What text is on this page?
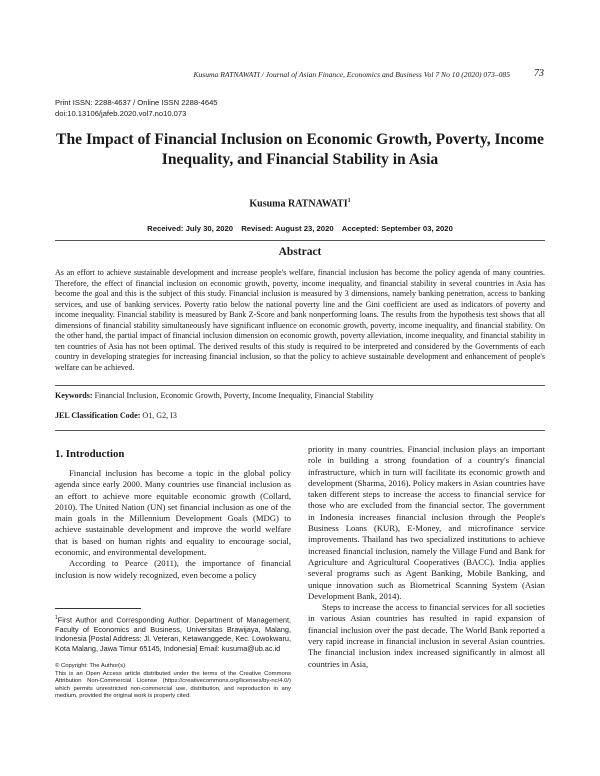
Kusuma RATNAWATI / Journal of Asian Finance, Economics and Business Vol 7 No 10 (2020) 073–085 73
Print ISSN: 2288-4637 / Online ISSN 2288-4645
doi:10.13106/jafeb.2020.vol7.no10.073
The Impact of Financial Inclusion on Economic Growth, Poverty, Income
Inequality, and Financial Stability in Asia
Kusuma RATNAWATI$^1$
Received: July 30, 2020 Revised: August 23, 2020 Accepted: September 03, 2020
Abstract
As an effort to achieve sustainable development and increase people's welfare, financial inclusion has become the policy agenda of many countries. Therefore, the effect of financial inclusion on economic growth, poverty, income inequality, and financial stability in several countries in Asia has become the goal and this is the subject of this study. Financial inclusion is measured by 3 dimensions, namely banking penetration, access to banking services, and use of banking services. Poverty ratio below the national poverty line and the Gini coefficient are used as indicators of poverty and income inequality. Financial stability is measured by Bank Z-Score and bank nonperforming loans. The results from the hypothesis test shows that all dimensions of financial stability simultaneously have significant influence on economic growth, poverty, income inequality, and financial stability. On the other hand, the partial impact of financial inclusion dimension on economic growth, poverty alleviation, income inequality, and financial stability in ten countries of Asia has not been optimal. The derived results of this study is required to be interpreted and considered by the Governments of each country in developing strategies for increasing financial inclusion, so that the policy to achieve sustainable development and enhancement of people's welfare can be achieved.
Keywords: Financial Inclusion, Economic Growth, Poverty, Income Inequality, Financial Stability
JEL Classification Code: O1, G2, I3
1. Introduction

Financial inclusion has become a topic in the global policy agenda since early 2000. Many countries use financial inclusion as an effort to achieve more equitable economic growth (Collard, 2010). The United Nation (UN) set financial inclusion as one of the main goals in the Millennium Development Goals (MDG) to achieve sustainable development and improve the world welfare that is based on human rights and equality to encourage social, economic, and environmental development.

According to Pearce (2011), the importance of financial inclusion is now widely recognized, even become a policy

$^1$First Author and Corresponding Author. Department of Management, Faculty of Economics and Business, Universitas Brawijaya, Malang, Indonesia [Postal Address: Jl. Veteran, Ketawanggede, Kec. Lowokwaru, Kota Malang, Jawa Timur 65145, Indonesia] Email: kusuma@ub.ac.id
© Copyright: The Author(s)
This is an Open Access article distributed under the terms of the Creative Commons Attribution Non-Commercial License (https://creativecommons.org/licenses/by-nc/4.0/) which permits unrestricted non-commercial use, distribution, and reproduction in any medium, provided the original work is properly cited.

priority in many countries. Financial inclusion plays an important role in building a strong foundation of a country's financial infrastructure, which in turn will facilitate its economic growth and development (Sharma, 2016). Policy makers in Asian countries have taken different steps to increase the access to financial service for those who are excluded from the financial sector. The government in Indonesia increases financial inclusion through the People's Business Loans (KUR), E-Money, and microfinance service improvements. Thailand has two specialized institutions to achieve increased financial inclusion, namely the Village Fund and Bank for Agriculture and Agricultural Cooperatives (BACC). India applies several programs such as Agent Banking, Mobile Banking, and unique innovation such as Biometrical Scanning System (Asian Development Bank, 2014).

Steps to increase the access to financial services for all societies in various Asian countries has resulted in rapid expansion of financial inclusion over the past decade. The World Bank reported a very rapid increase in financial inclusion in several Asian countries. The financial inclusion index increased significantly in almost all countries in Asia,
